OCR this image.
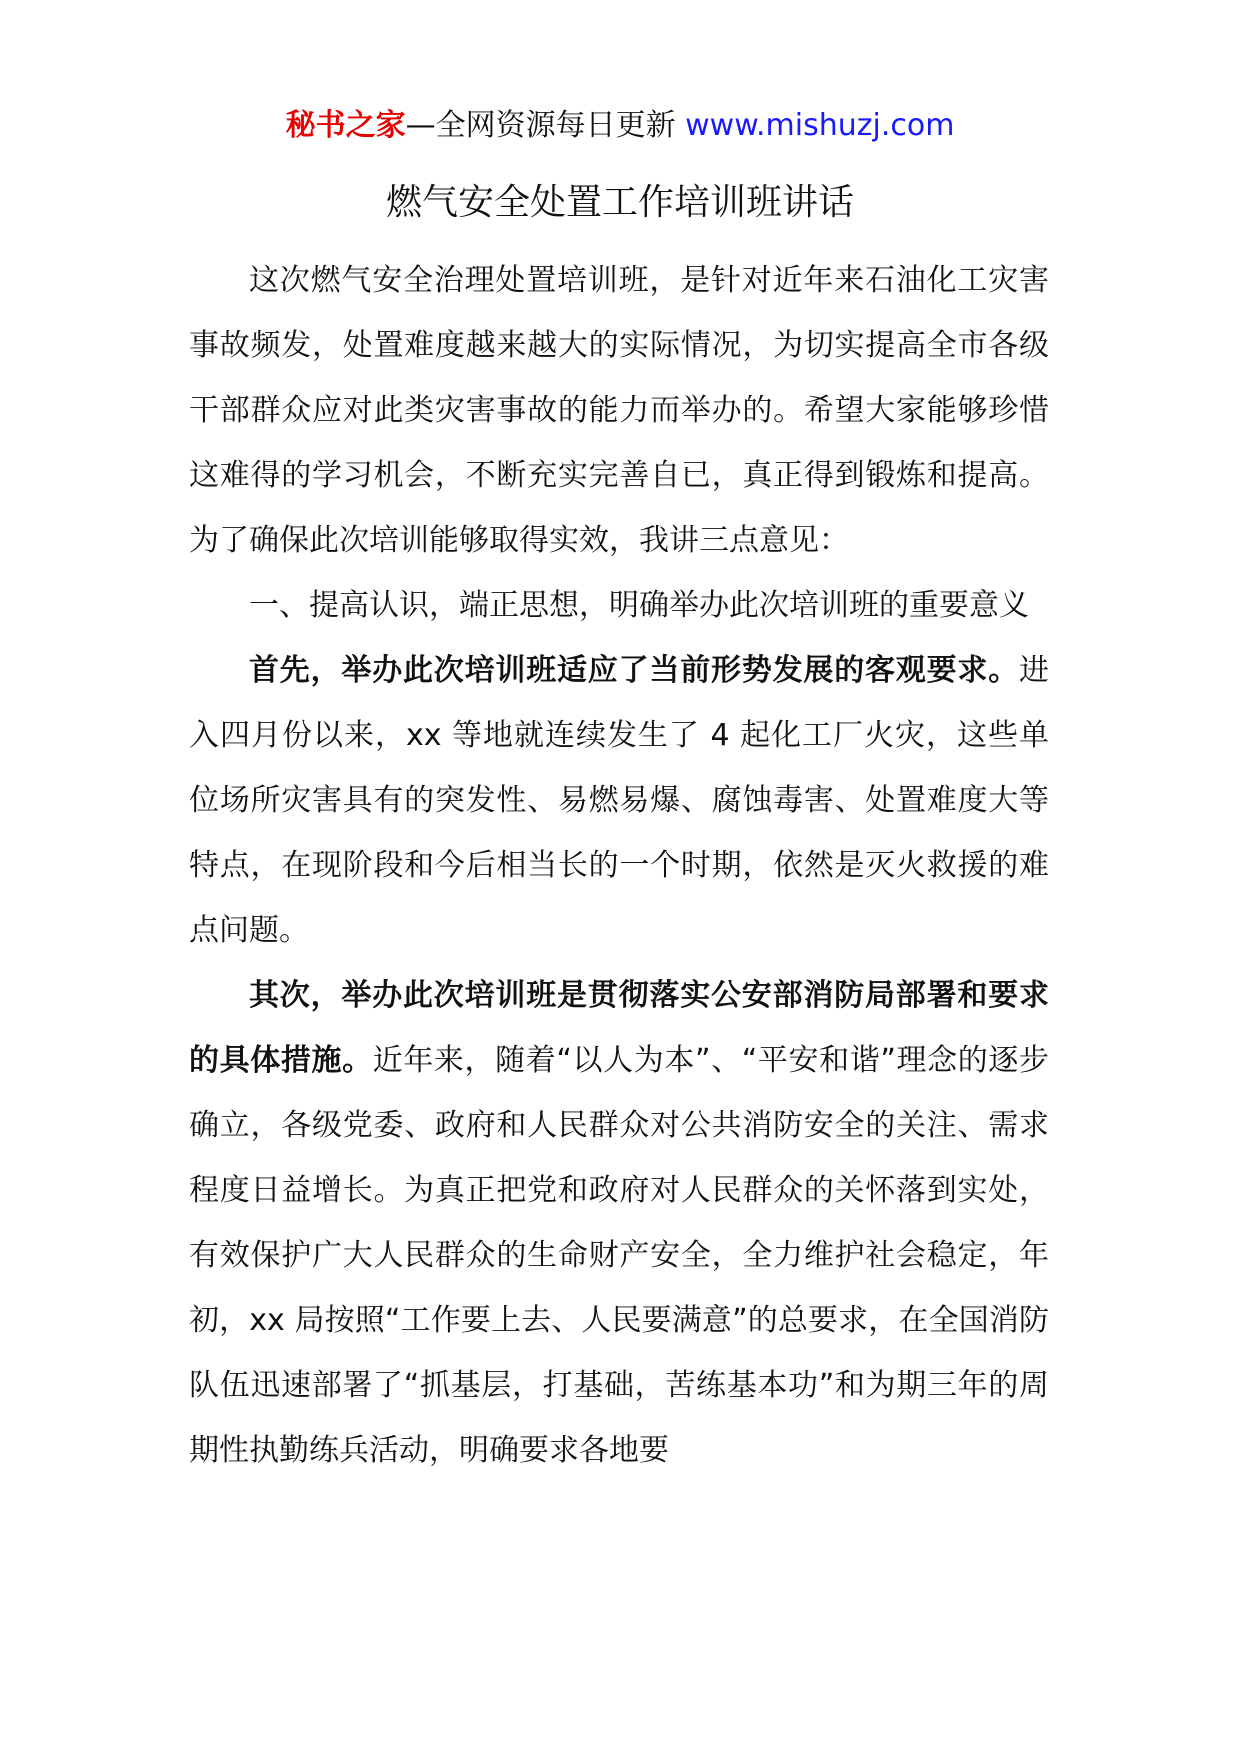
秘书之家—全网资源每日更新 www.mishuzj.com
燃气安全处置工作培训班讲话

这次燃气安全治理处置培训班，是针对近年来石油化工灾害事故频发，处置难度越来越大的实际情况，为切实提高全市各级干部群众应对此类灾害事故的能力而举办的。希望大家能够珍惜这难得的学习机会，不断充实完善自已，真正得到锻炼和提高。为了确保此次培训能够取得实效，我讲三点意见：

一、提高认识，端正思想，明确举办此次培训班的重要意义

首先，举办此次培训班适应了当前形势发展的客观要求。进入四月份以来，xx 等地就连续发生了 4 起化工厂火灾，这些单位场所灾害具有的突发性、易燃易爆、腐蚀毒害、处置难度大等特点，在现阶段和今后相当长的一个时期，依然是灭火救援的难点问题。

其次，举办此次培训班是贯彻落实公安部消防局部署和要求的具体措施。近年来，随着“以人为本”、“平安和谐”理念的逐步确立，各级党委、政府和人民群众对公共消防安全的关注、需求程度日益增长。为真正把党和政府对人民群众的关怀落到实处，有效保护广大人民群众的生命财产安全，全力维护社会稳定，年初，xx 局按照“工作要上去、人民要满意”的总要求，在全国消防队伍迅速部署了“抓基层，打基础，苦练基本功”和为期三年的周期性执勤练兵活动，明确要求各地要
